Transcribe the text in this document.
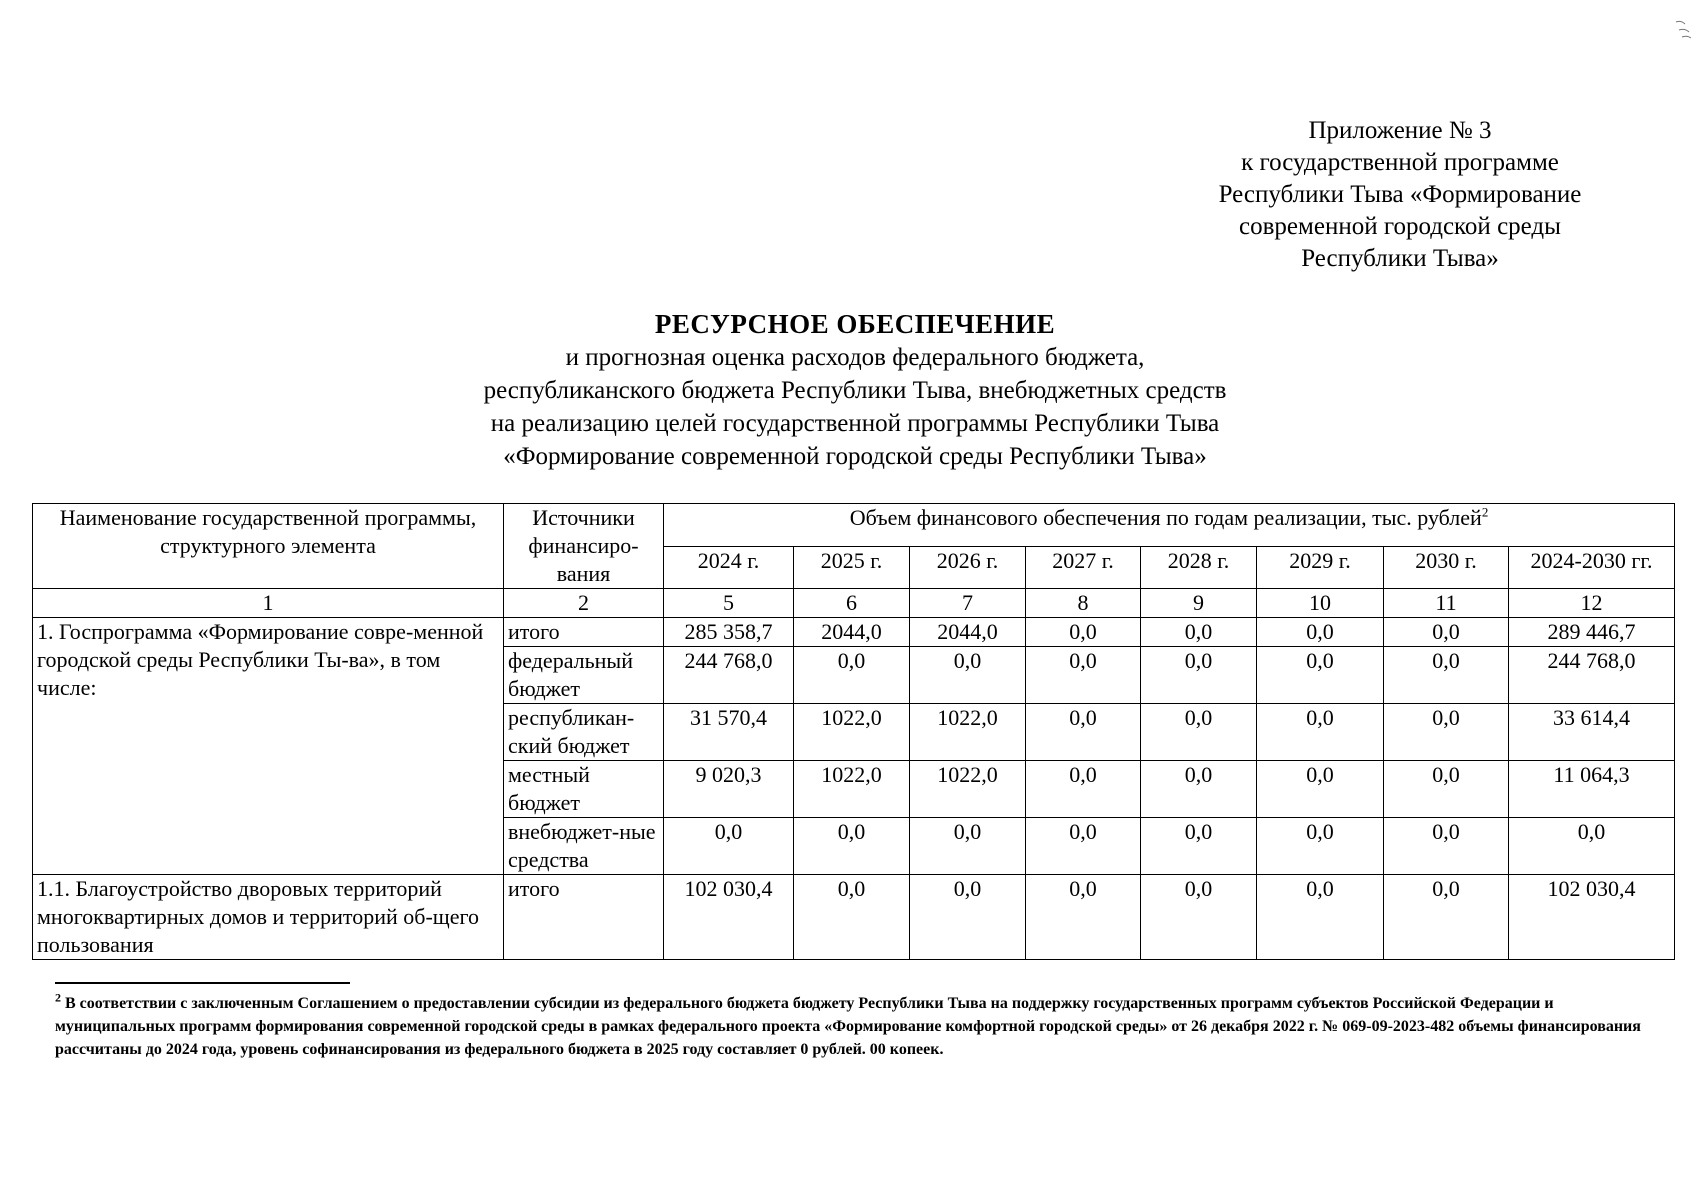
Приложение № 3
к государственной программе
Республики Тыва «Формирование
современной городской среды
Республики Тыва»
РЕСУРСНОЕ ОБЕСПЕЧЕНИЕ
и прогнозная оценка расходов федерального бюджета,
республиканского бюджета Республики Тыва, внебюджетных средств
на реализацию целей государственной программы Республики Тыва
«Формирование современной городской среды Республики Тыва»
Наименование государственной программы, структурного элемента	Источники финансиро-вания	Объем финансового обеспечения по годам реализации, тыс. рублей$^2$
		2024 г.	2025 г.	2026 г.	2027 г.	2028 г.	2029 г.	2030 г.	2024-2030 гг.
1	2	5	6	7	8	9	10	11	12
1. Госпрограмма «Формирование совре-менной городской среды Республики Ты-ва», в том числе:	итого	285 358,7	2044,0	2044,0	0,0	0,0	0,0	0,0	289 446,7
	федеральный бюджет	244 768,0	0,0	0,0	0,0	0,0	0,0	0,0	244 768,0
	республикан-ский бюджет	31 570,4	1022,0	1022,0	0,0	0,0	0,0	0,0	33 614,4
	местный бюджет	9 020,3	1022,0	1022,0	0,0	0,0	0,0	0,0	11 064,3
	внебюджет-ные средства	0,0	0,0	0,0	0,0	0,0	0,0	0,0	0,0
1.1. Благоустройство дворовых территорий многоквартирных домов и территорий об-щего пользования	итого	102 030,4	0,0	0,0	0,0	0,0	0,0	0,0	102 030,4
$^2$ В соответствии с заключенным Соглашением о предоставлении субсидии из федерального бюджета бюджету Республики Тыва на поддержку государственных программ субъектов Российской Федерации и муниципальных программ формирования современной городской среды в рамках федерального проекта «Формирование комфортной городской среды» от 26 декабря 2022 г. № 069-09-2023-482 объемы финансирования рассчитаны до 2024 года, уровень софинансирования из федерального бюджета в 2025 году составляет 0 рублей. 00 копеек.
